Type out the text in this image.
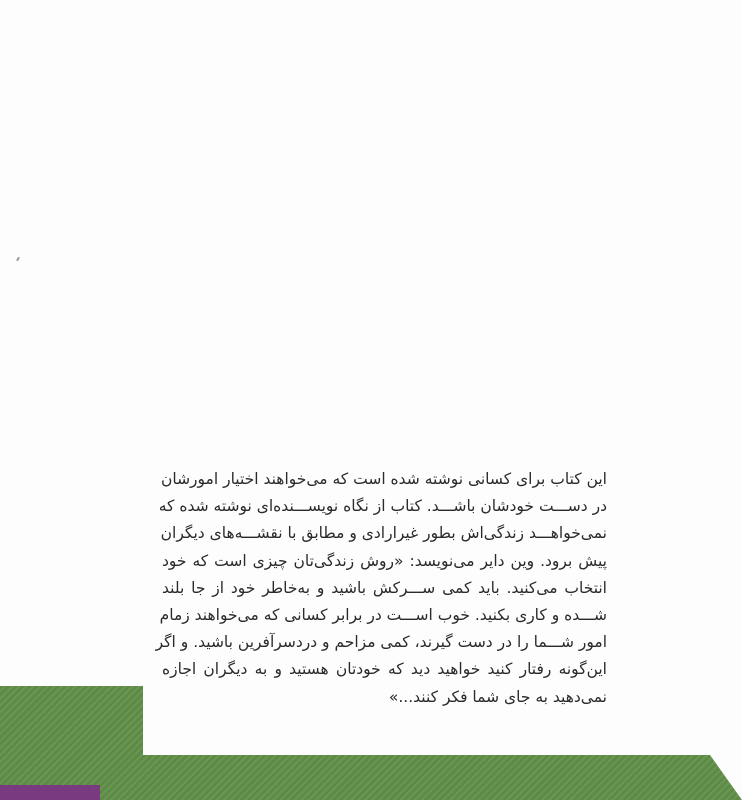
این کتاب برای کسانی نوشته شده است که می‌خواهند اختیار امورشان
در دســـت خودشان باشـــد. کتاب از نگاه نویســـنده‌ای نوشته شده که
نمی‌خواهـــد زندگی‌اش بطور غیرارادی و مطابق با نقشـــه‌های دیگران
پیش برود. وین دایر می‌نویسد: «روش زندگی‌تان چیزی است که خود
انتخاب می‌کنید. باید کمی ســـرکش باشید و به‌خاطر خود از جا بلند
شـــده و کاری بکنید. خوب اســـت در برابر کسانی که می‌خواهند زمام
امور شـــما را در دست گیرند، کمی مزاحم و دردسرآفرین باشید. و اگر
این‌گونه رفتار کنید خواهید دید که خودتان هستید و به دیگران اجازه
نمی‌دهید به جای شما فکر کنند...»
